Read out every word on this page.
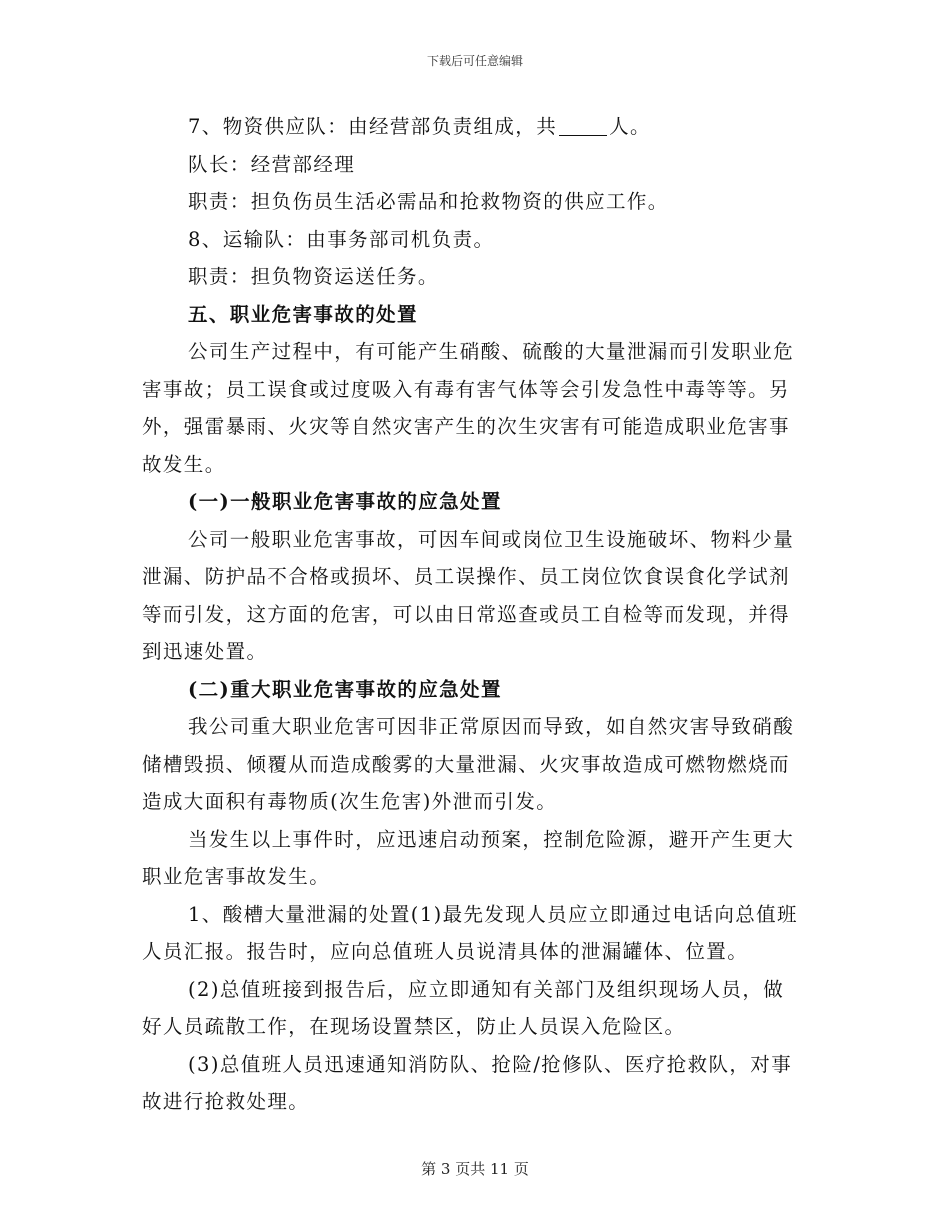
下载后可任意编辑

7、物资供应队：由经营部负责组成，共	人。

队长：经营部经理

职责：担负伤员生活必需品和抢救物资的供应工作。

8、运输队：由事务部司机负责。

职责：担负物资运送任务。

五、职业危害事故的处置

公司生产过程中，有可能产生硝酸、硫酸的大量泄漏而引发职业危害事故；员工误食或过度吸入有毒有害气体等会引发急性中毒等等。另外，强雷暴雨、火灾等自然灾害产生的次生灾害有可能造成职业危害事故发生。

(一)一般职业危害事故的应急处置

公司一般职业危害事故，可因车间或岗位卫生设施破坏、物料少量泄漏、防护品不合格或损坏、员工误操作、员工岗位饮食误食化学试剂等而引发，这方面的危害，可以由日常巡查或员工自检等而发现，并得到迅速处置。

(二)重大职业危害事故的应急处置

我公司重大职业危害可因非正常原因而导致，如自然灾害导致硝酸储槽毁损、倾覆从而造成酸雾的大量泄漏、火灾事故造成可燃物燃烧而造成大面积有毒物质(次生危害)外泄而引发。

当发生以上事件时，应迅速启动预案，控制危险源，避开产生更大职业危害事故发生。

1、酸槽大量泄漏的处置(1)最先发现人员应立即通过电话向总值班人员汇报。报告时，应向总值班人员说清具体的泄漏罐体、位置。

(2)总值班接到报告后，应立即通知有关部门及组织现场人员，做好人员疏散工作，在现场设置禁区，防止人员误入危险区。

(3)总值班人员迅速通知消防队、抢险/抢修队、医疗抢救队，对事故进行抢救处理。

第 3 页共 11 页
